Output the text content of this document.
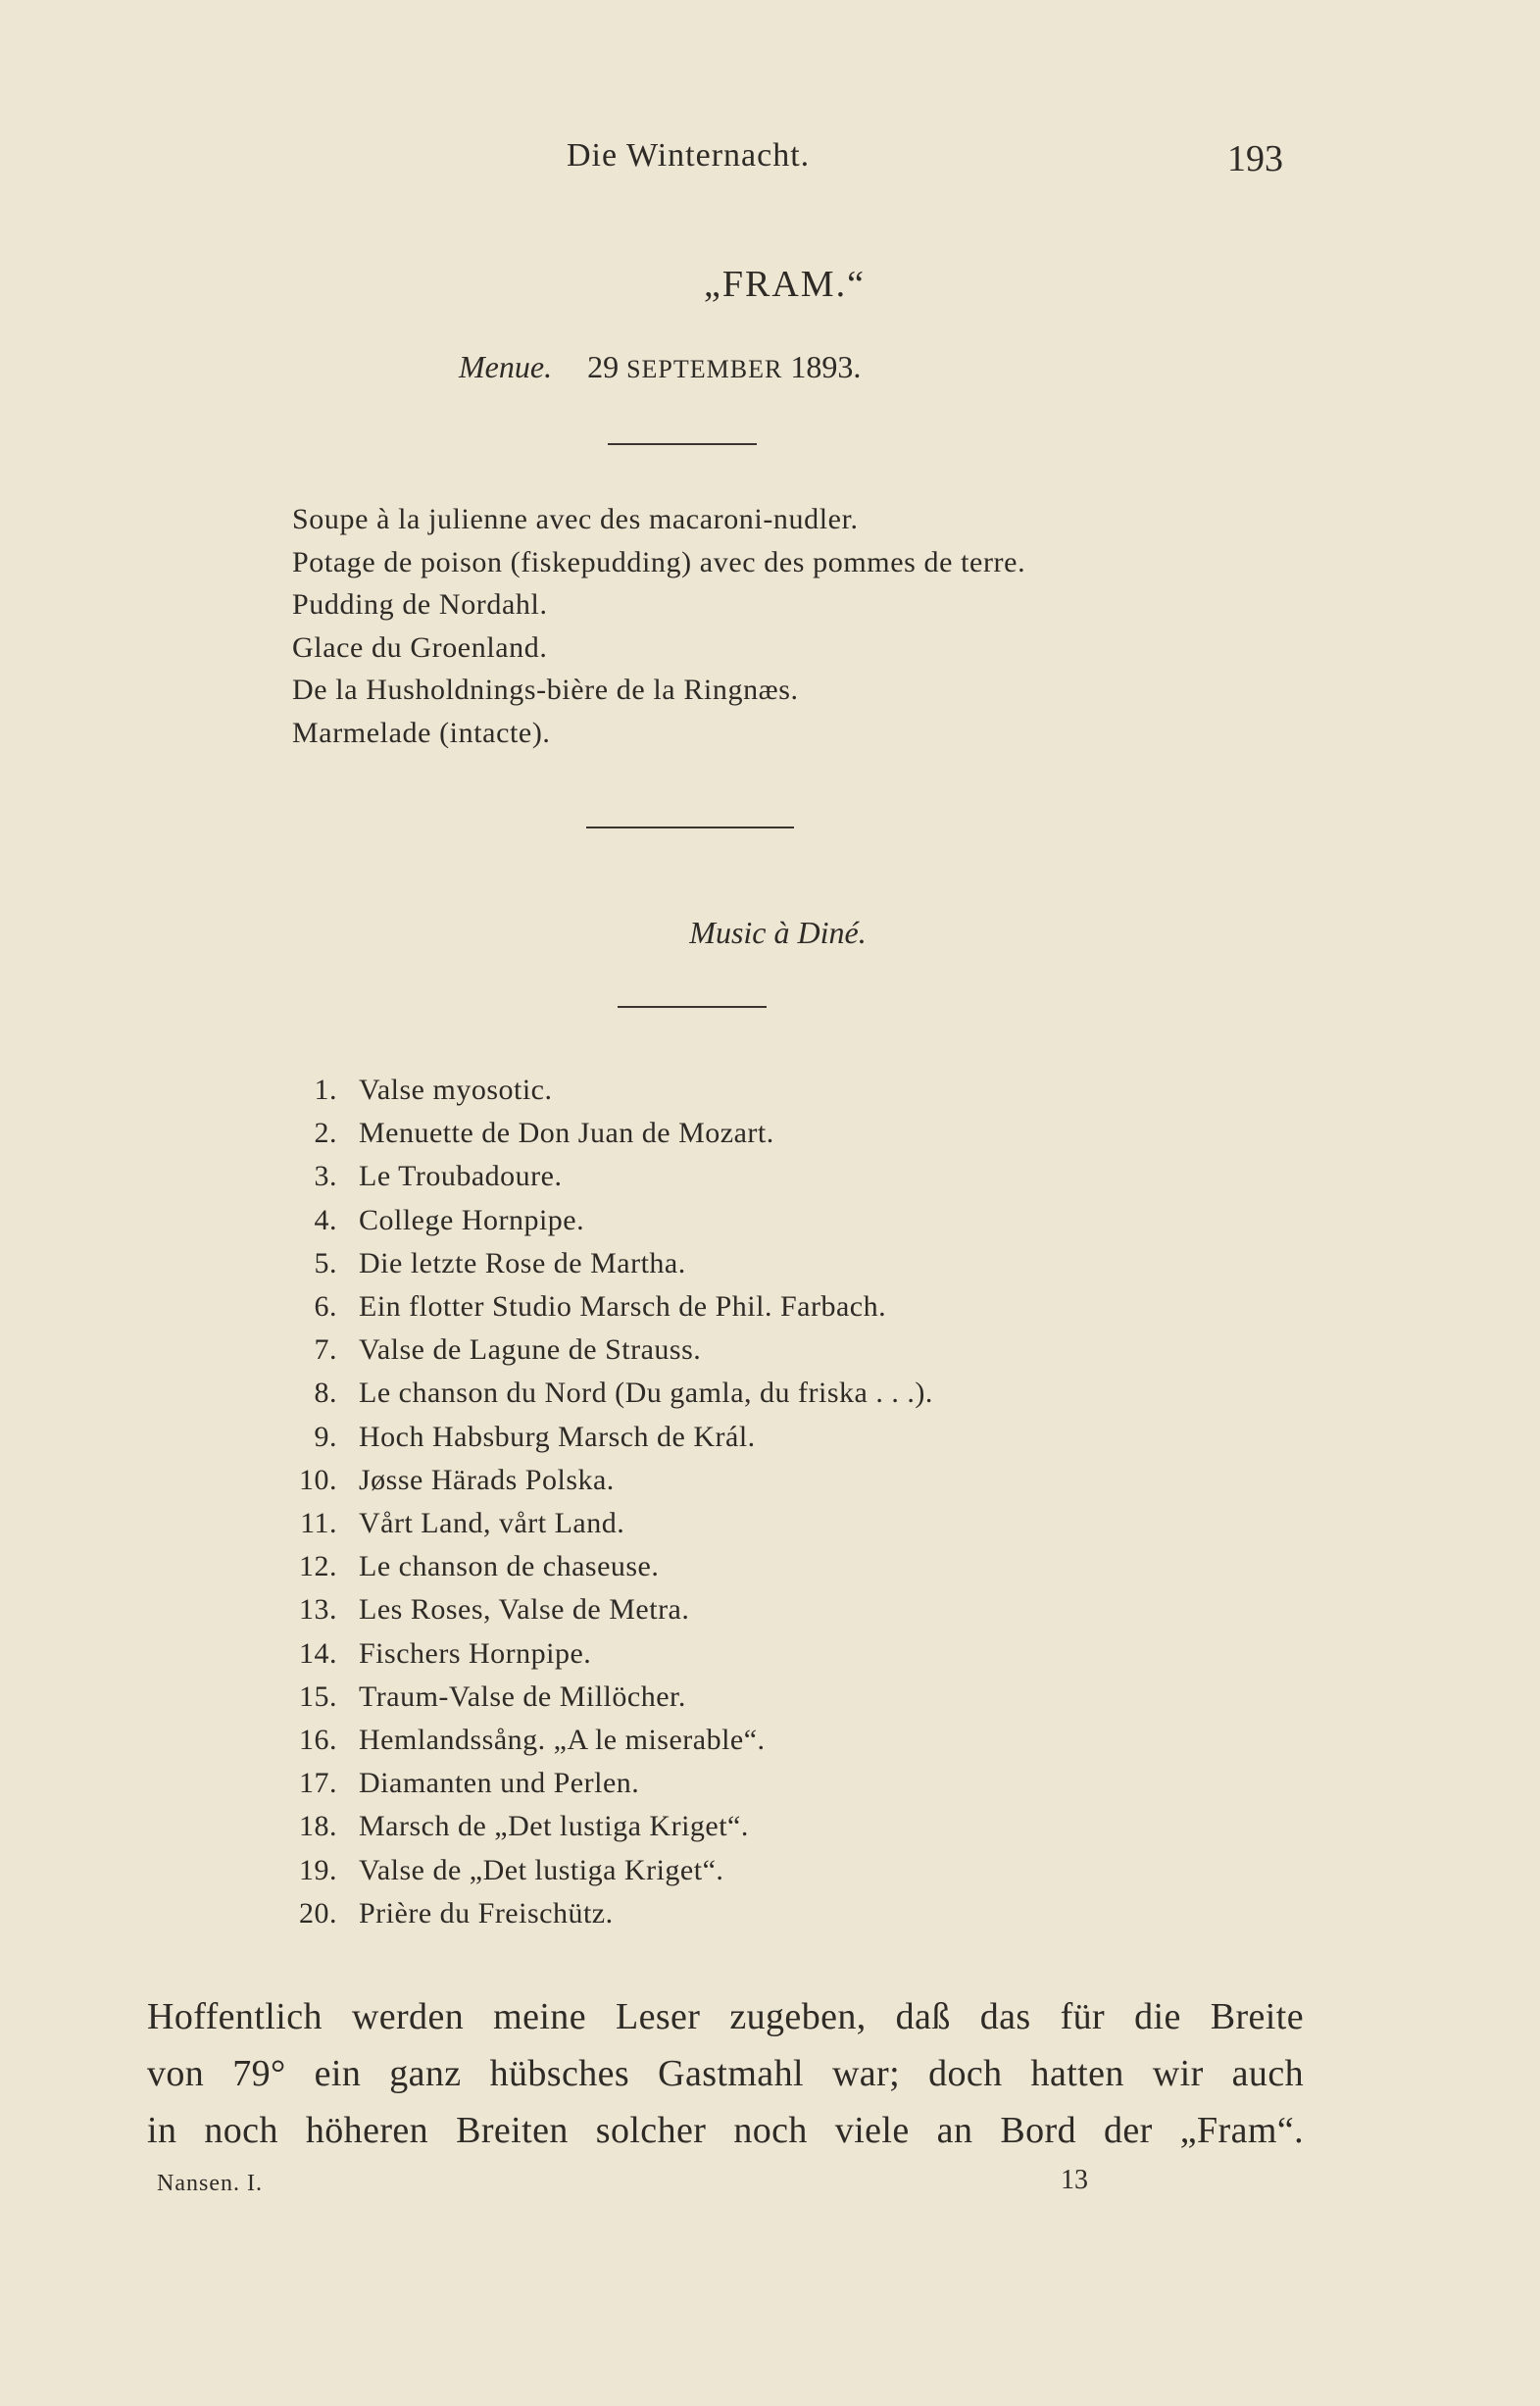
Die Winternacht.	193
„FRAM.“
Menue. 29 SEPTEMBER 1893.
Soupe à la julienne avec des macaroni-nudler.
Potage de poison (fiskepudding) avec des pommes de terre.
Pudding de Nordahl.
Glace du Groenland.
De la Husholdnings-bière de la Ringnæs.
Marmelade (intacte).
Music à Diné.
1. Valse myosotic.
2. Menuette de Don Juan de Mozart.
3. Le Troubadoure.
4. College Hornpipe.
5. Die letzte Rose de Martha.
6. Ein flotter Studio Marsch de Phil. Farbach.
7. Valse de Lagune de Strauss.
8. Le chanson du Nord (Du gamla, du friska . . .).
9. Hoch Habsburg Marsch de Král.
10. Jøsse Härads Polska.
11. Vårt Land, vårt Land.
12. Le chanson de chaseuse.
13. Les Roses, Valse de Metra.
14. Fischers Hornpipe.
15. Traum-Valse de Millöcher.
16. Hemlandssång. „A le miserable“.
17. Diamanten und Perlen.
18. Marsch de „Det lustiga Kriget“.
19. Valse de „Det lustiga Kriget“.
20. Prière du Freischütz.
Hoffentlich werden meine Leser zugeben, daß das für die Breite
von 79° ein ganz hübsches Gastmahl war; doch hatten wir auch
in noch höheren Breiten solcher noch viele an Bord der „Fram“.
Nansen. I.	13
